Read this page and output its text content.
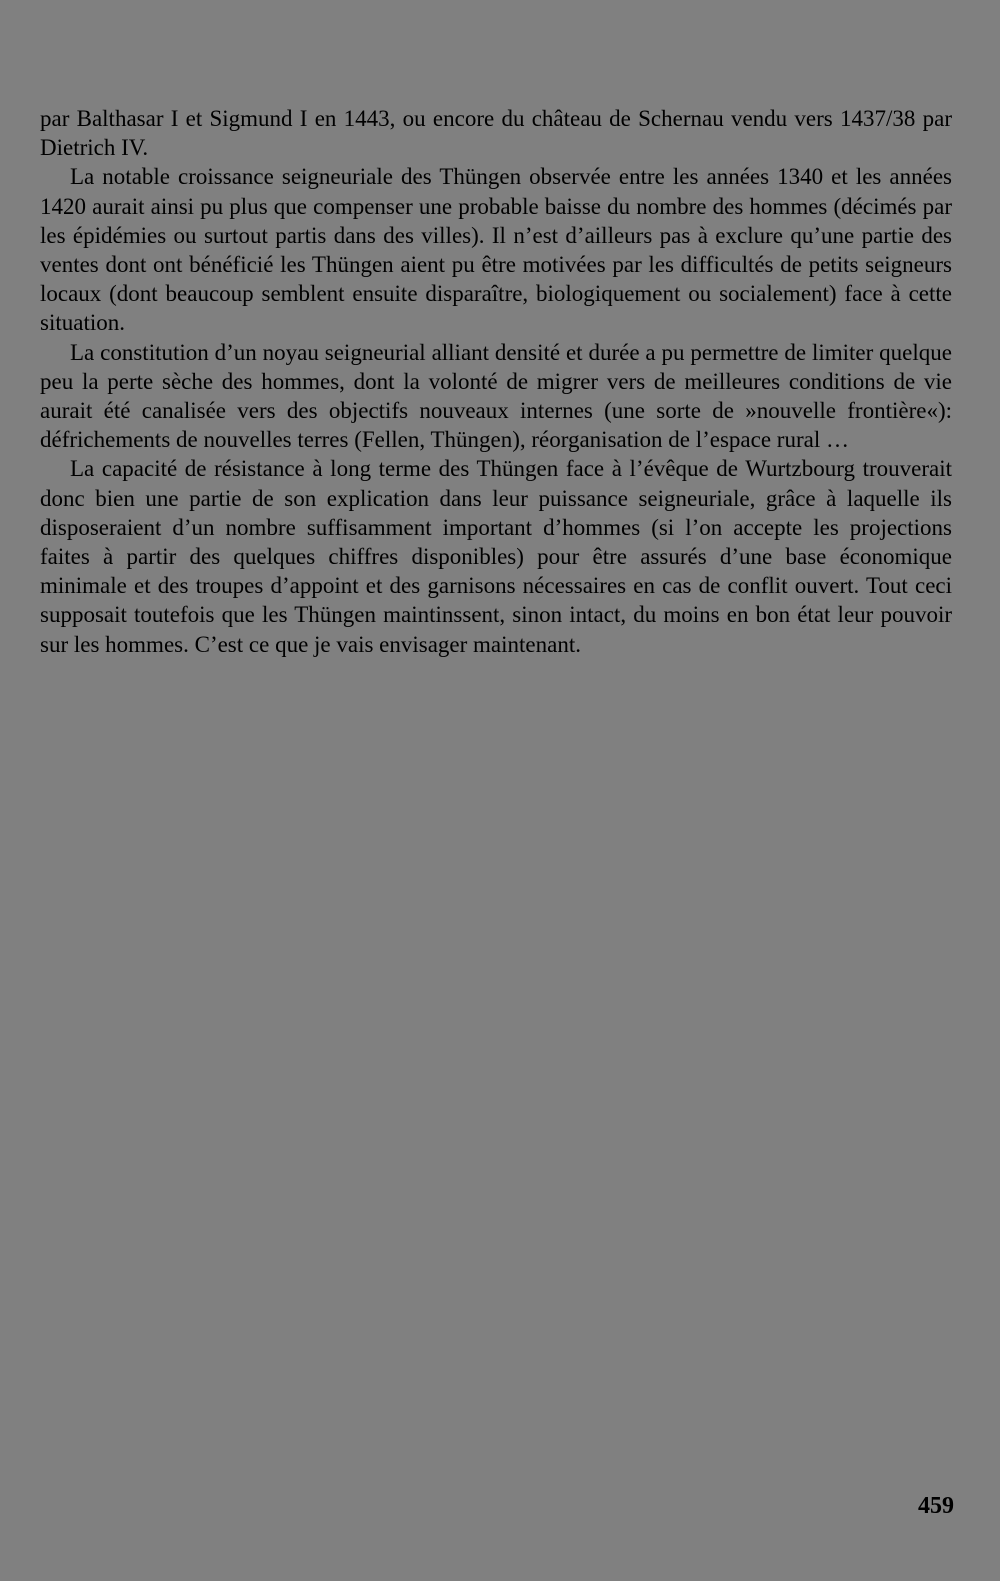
par Balthasar I et Sigmund I en 1443, ou encore du château de Schernau vendu vers 1437/38 par Dietrich IV.

La notable croissance seigneuriale des Thüngen observée entre les années 1340 et les années 1420 aurait ainsi pu plus que compenser une probable baisse du nombre des hommes (décimés par les épidémies ou surtout partis dans des villes). Il n’est d’ailleurs pas à exclure qu’une partie des ventes dont ont bénéficié les Thüngen aient pu être motivées par les difficultés de petits seigneurs locaux (dont beaucoup semblent ensuite disparaître, biologiquement ou socialement) face à cette situation.

La constitution d’un noyau seigneurial alliant densité et durée a pu permettre de limiter quelque peu la perte sèche des hommes, dont la volonté de migrer vers de meilleures conditions de vie aurait été canalisée vers des objectifs nouveaux internes (une sorte de »nouvelle frontière«): défrichements de nouvelles terres (Fellen, Thüngen), réorganisation de l’espace rural …

La capacité de résistance à long terme des Thüngen face à l’évêque de Wurtzbourg trouverait donc bien une partie de son explication dans leur puissance seigneuriale, grâce à laquelle ils disposeraient d’un nombre suffisamment important d’hommes (si l’on accepte les projections faites à partir des quelques chiffres disponibles) pour être assurés d’une base économique minimale et des troupes d’appoint et des garnisons nécessaires en cas de conflit ouvert. Tout ceci supposait toutefois que les Thüngen maintinssent, sinon intact, du moins en bon état leur pouvoir sur les hommes. C’est ce que je vais envisager maintenant.

459
